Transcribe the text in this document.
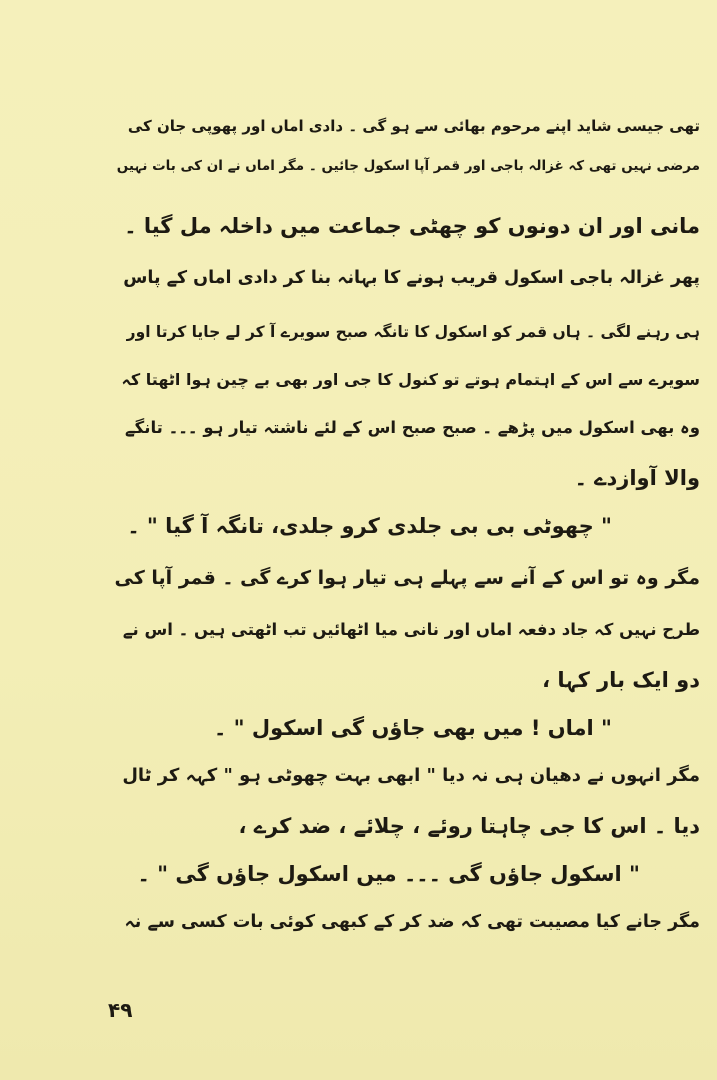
تھی جیسی شاید اپنے مرحوم بھائی سے ہو گی ۔ دادی اماں اور پھوپی جان کی
مرضی نہیں تھی کہ غزالہ باجی اور قمر آپا اسکول جائیں ۔ مگر اماں نے ان کی بات نہیں
مانی اور ان دونوں کو چھٹی جماعت میں داخلہ مل گیا ۔
پھر غزالہ باجی اسکول قریب ہونے کا بہانہ بنا کر دادی اماں کے پاس
ہی رہنے لگی ۔ ہاں قمر کو اسکول کا تانگہ صبح سویرے آ کر لے جایا کرتا اور
سویرے سے اس کے اہتمام ہوتے تو کنول کا جی اور بھی بے چین ہوا اٹھتا کہ
وہ بھی اسکول میں پڑھے ۔ صبح صبح اس کے لئے ناشتہ تیار ہو ۔۔۔ تانگے
والا آوازدے ۔
" چھوٹی بی بی جلدی کرو جلدی، تانگہ آ گیا " ۔
مگر وہ تو اس کے آنے سے پہلے ہی تیار ہوا کرے گی ۔ قمر آپا کی
طرح نہیں کہ جاد دفعہ اماں اور نانی میا اٹھائیں تب اٹھتی ہیں ۔ اس نے
دو ایک بار کہا ،
" اماں ! میں بھی جاؤں گی اسکول " ۔
مگر انہوں نے دھیان ہی نہ دیا " ابھی بہت چھوٹی ہو " کہہ کر ٹال
دیا ۔ اس کا جی چاہتا روئے ، چلائے ، ضد کرے ،
" اسکول جاؤں گی ۔۔۔ میں اسکول جاؤں گی " ۔
مگر جانے کیا مصیبت تھی کہ ضد کر کے کبھی کوئی بات کسی سے نہ
۴۹
